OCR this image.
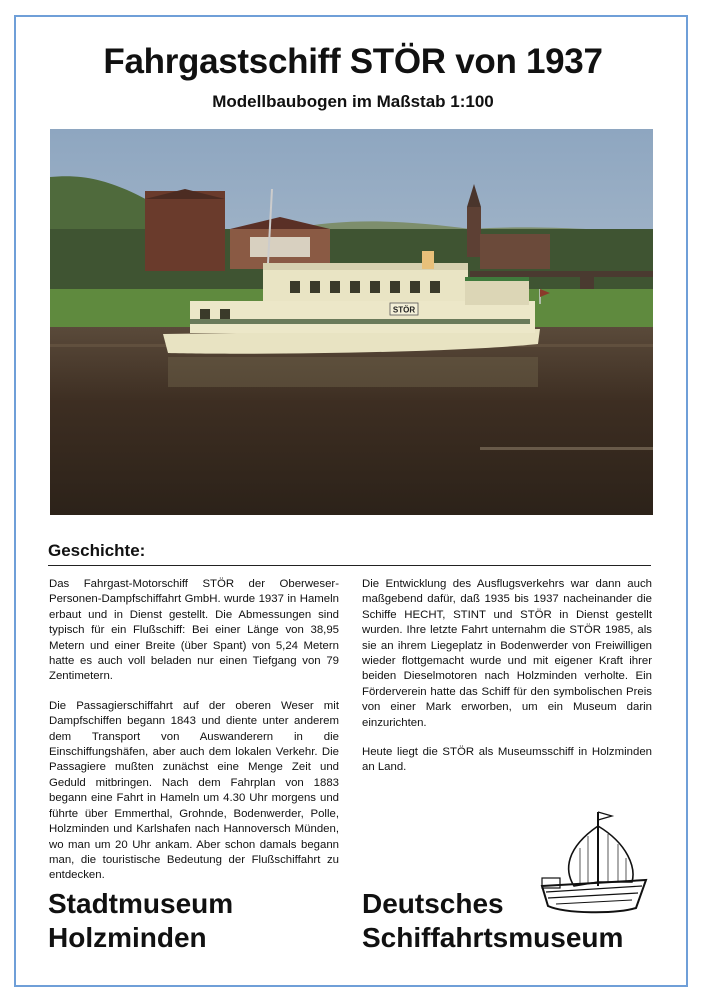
Fahrgastschiff STÖR von 1937
Modellbaubogen im Maßstab 1:100
STÖR
Geschichte:

Das Fahrgast-Motorschiff STÖR der Oberweser-Personen-Dampfschiffahrt GmbH. wurde 1937 in Hameln erbaut und in Dienst gestellt. Die Abmessungen sind typisch für ein Flußschiff: Bei einer Länge von 38,95 Metern und einer Breite (über Spant) von 5,24 Metern hatte es auch voll beladen nur einen Tiefgang von 79 Zentimetern.

Die Passagierschiffahrt auf der oberen Weser mit Dampfschiffen begann 1843 und diente unter anderem dem Transport von Auswanderern in die Einschiffungshäfen, aber auch dem lokalen Verkehr. Die Passagiere mußten zunächst eine Menge Zeit und Geduld mitbringen. Nach dem Fahrplan von 1883 begann eine Fahrt in Hameln um 4.30 Uhr morgens und führte über Emmerthal, Grohnde, Bodenwerder, Polle, Holzminden und Karlshafen nach Hannoversch Münden, wo man um 20 Uhr ankam. Aber schon damals begann man, die touristische Bedeutung der Flußschiffahrt zu entdecken.

Die Entwicklung des Ausflugsverkehrs war dann auch maßgebend dafür, daß 1935 bis 1937 nacheinander die Schiffe HECHT, STINT und STÖR in Dienst gestellt wurden. Ihre letzte Fahrt unternahm die STÖR 1985, als sie an ihrem Liegeplatz in Bodenwerder von Freiwilligen wieder flottgemacht wurde und mit eigener Kraft ihrer beiden Dieselmotoren nach Holzminden verholte. Ein Förderverein hatte das Schiff für den symbolischen Preis von einer Mark erworben, um ein Museum darin einzurichten.

Heute liegt die STÖR als Museumsschiff in Holzminden an Land.

Stadtmuseum
Holzminden
Deutsches
Schiffahrtsmuseum
